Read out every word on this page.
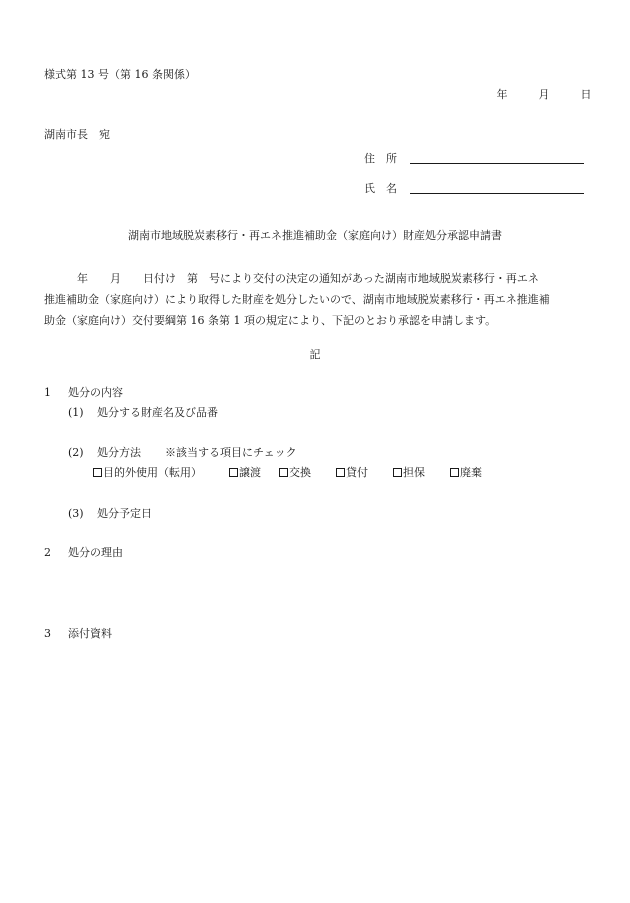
様式第 13 号（第 16 条関係）
年	月	日
湖南市長　宛
住　所
氏　名
湖南市地域脱炭素移行・再エネ推進補助金（家庭向け）財産処分承認申請書

　　　年　　月　　日付け　第　号により交付の決定の通知があった湖南市地域脱炭素移行・再エネ

推進補助金（家庭向け）により取得した財産を処分したいので、湖南市地域脱炭素移行・再エネ推進補

助金（家庭向け）交付要綱第 16 条第 1 項の規定により、下記のとおり承認を申請します。

記
1 処分の内容
(1) 処分する財産名及び品番
(2) 処分方法 ※該当する項目にチェック
目的外使用（転用）	譲渡	交換	貸付	担保	廃棄
(3) 処分予定日
2 処分の理由
3 添付資料
